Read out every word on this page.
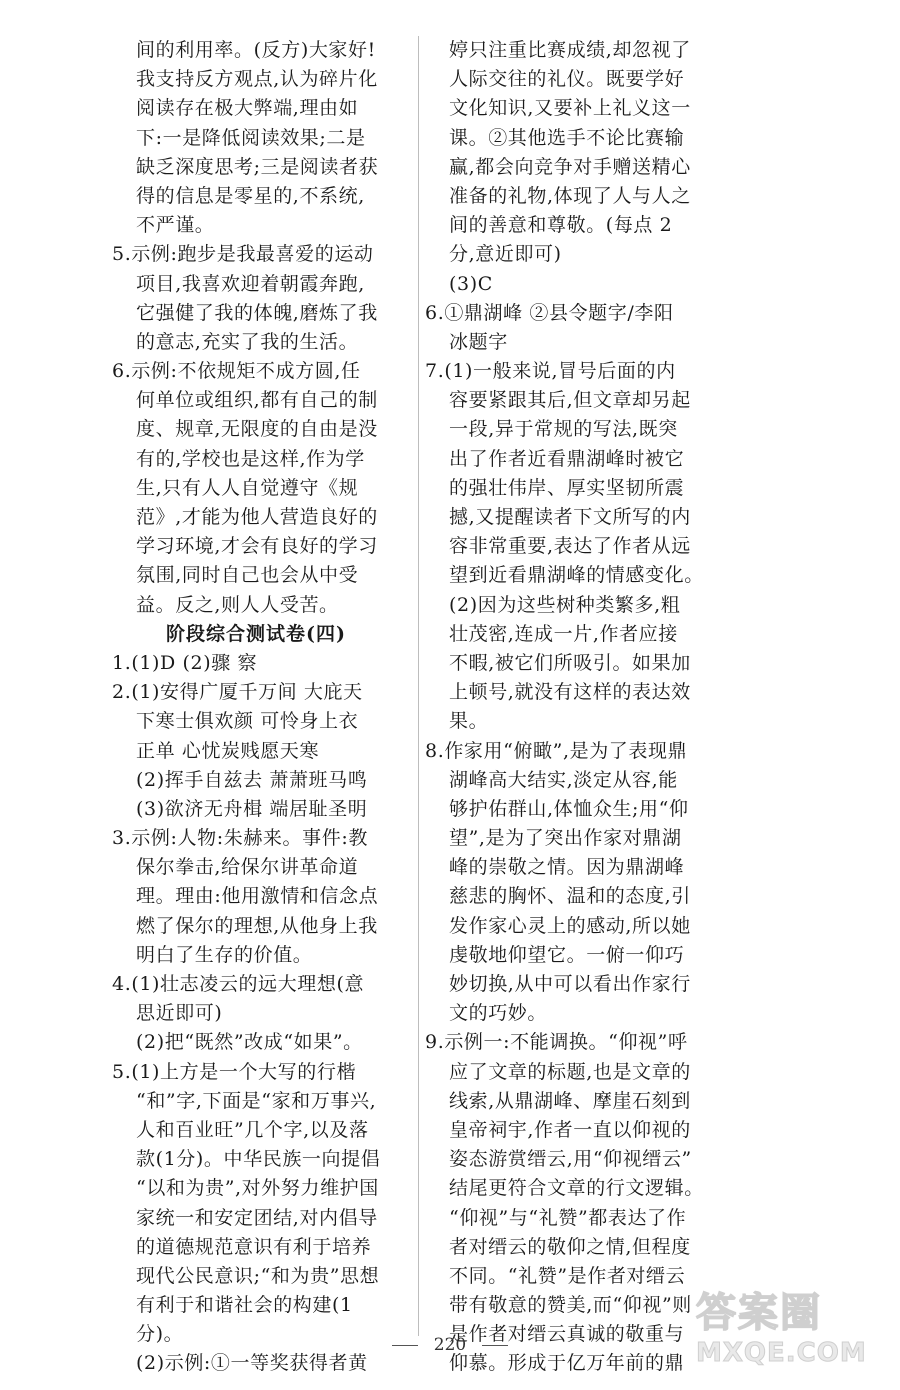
间的利用率。(反方)大家好!
我支持反方观点,认为碎片化
阅读存在极大弊端,理由如
下:一是降低阅读效果;二是
缺乏深度思考;三是阅读者获
得的信息是零星的,不系统,
不严谨。
5.示例:跑步是我最喜爱的运动
项目,我喜欢迎着朝霞奔跑,
它强健了我的体魄,磨炼了我
的意志,充实了我的生活。
6.示例:不依规矩不成方圆,任
何单位或组织,都有自己的制
度、规章,无限度的自由是没
有的,学校也是这样,作为学
生,只有人人自觉遵守《规
范》,才能为他人营造良好的
学习环境,才会有良好的学习
氛围,同时自己也会从中受
益。反之,则人人受苦。
阶段综合测试卷(四)
1.(1)D (2)骤 察
2.(1)安得广厦千万间 大庇天
下寒士俱欢颜 可怜身上衣
正单 心忧炭贱愿天寒
(2)挥手自兹去 萧萧班马鸣
(3)欲济无舟楫 端居耻圣明
3.示例:人物:朱赫来。事件:教
保尔拳击,给保尔讲革命道
理。理由:他用激情和信念点
燃了保尔的理想,从他身上我
明白了生存的价值。
4.(1)壮志凌云的远大理想(意
思近即可)
(2)把“既然”改成“如果”。
5.(1)上方是一个大写的行楷
“和”字,下面是“家和万事兴,
人和百业旺”几个字,以及落
款(1分)。中华民族一向提倡
“以和为贵”,对外努力维护国
家统一和安定团结,对内倡导
的道德规范意识有利于培养
现代公民意识;“和为贵”思想
有利于和谐社会的构建(1
分)。
(2)示例:①一等奖获得者黄
婷只注重比赛成绩,却忽视了
人际交往的礼仪。既要学好
文化知识,又要补上礼义这一
课。②其他选手不论比赛输
赢,都会向竞争对手赠送精心
准备的礼物,体现了人与人之
间的善意和尊敬。(每点 2
分,意近即可)
(3)C
6.①鼎湖峰 ②县令题字/李阳
冰题字
7.(1)一般来说,冒号后面的内
容要紧跟其后,但文章却另起
一段,异于常规的写法,既突
出了作者近看鼎湖峰时被它
的强壮伟岸、厚实坚韧所震
撼,又提醒读者下文所写的内
容非常重要,表达了作者从远
望到近看鼎湖峰的情感变化。
(2)因为这些树种类繁多,粗
壮茂密,连成一片,作者应接
不暇,被它们所吸引。如果加
上顿号,就没有这样的表达效
果。
8.作家用“俯瞰”,是为了表现鼎
湖峰高大结实,淡定从容,能
够护佑群山,体恤众生;用“仰
望”,是为了突出作家对鼎湖
峰的崇敬之情。因为鼎湖峰
慈悲的胸怀、温和的态度,引
发作家心灵上的感动,所以她
虔敬地仰望它。一俯一仰巧
妙切换,从中可以看出作家行
文的巧妙。
9.示例一:不能调换。“仰视”呼
应了文章的标题,也是文章的
线索,从鼎湖峰、摩崖石刻到
皇帝祠宇,作者一直以仰视的
姿态游赏缙云,用“仰视缙云”
结尾更符合文章的行文逻辑。
“仰视”与“礼赞”都表达了作
者对缙云的敬仰之情,但程度
不同。“礼赞”是作者对缙云
带有敬意的赞美,而“仰视”则
是作者对缙云真诚的敬重与
仰慕。形成于亿万年前的鼎
220
答案圈
MXQE.COM
